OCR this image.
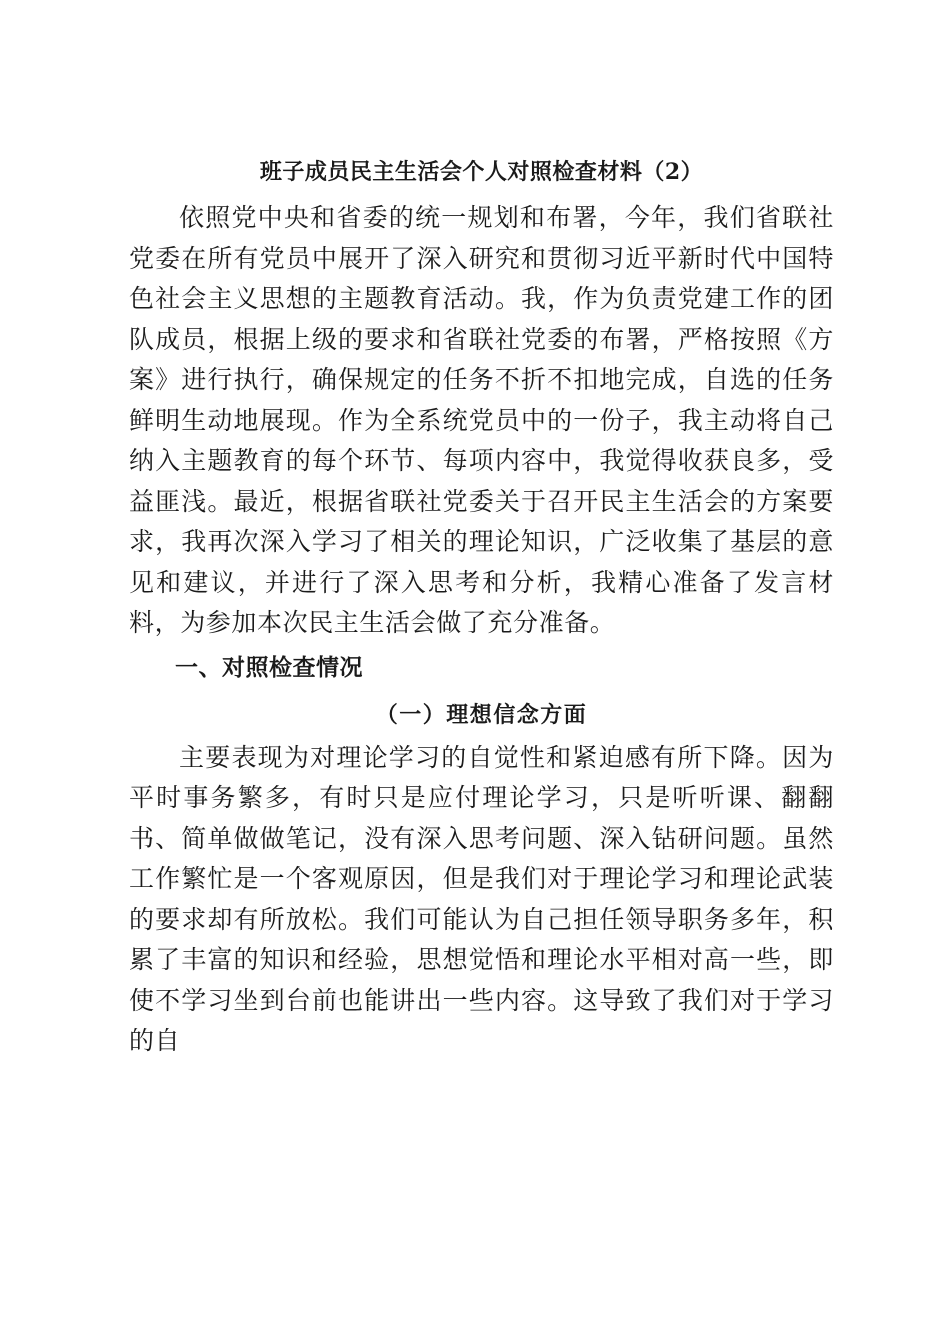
班子成员民主生活会个人对照检查材料（2）

依照党中央和省委的统一规划和布署，今年，我们省联社党委在所有党员中展开了深入研究和贯彻习近平新时代中国特色社会主义思想的主题教育活动。我，作为负责党建工作的团队成员，根据上级的要求和省联社党委的布署，严格按照《方案》进行执行，确保规定的任务不折不扣地完成，自选的任务鲜明生动地展现。作为全系统党员中的一份子，我主动将自己纳入主题教育的每个环节、每项内容中，我觉得收获良多，受益匪浅。最近，根据省联社党委关于召开民主生活会的方案要求，我再次深入学习了相关的理论知识，广泛收集了基层的意见和建议，并进行了深入思考和分析，我精心准备了发言材料，为参加本次民主生活会做了充分准备。

一、对照检查情况
（一）理想信念方面

主要表现为对理论学习的自觉性和紧迫感有所下降。因为平时事务繁多，有时只是应付理论学习，只是听听课、翻翻书、简单做做笔记，没有深入思考问题、深入钻研问题。虽然工作繁忙是一个客观原因，但是我们对于理论学习和理论武装的要求却有所放松。我们可能认为自己担任领导职务多年，积累了丰富的知识和经验，思想觉悟和理论水平相对高一些，即使不学习坐到台前也能讲出一些内容。这导致了我们对于学习的自
